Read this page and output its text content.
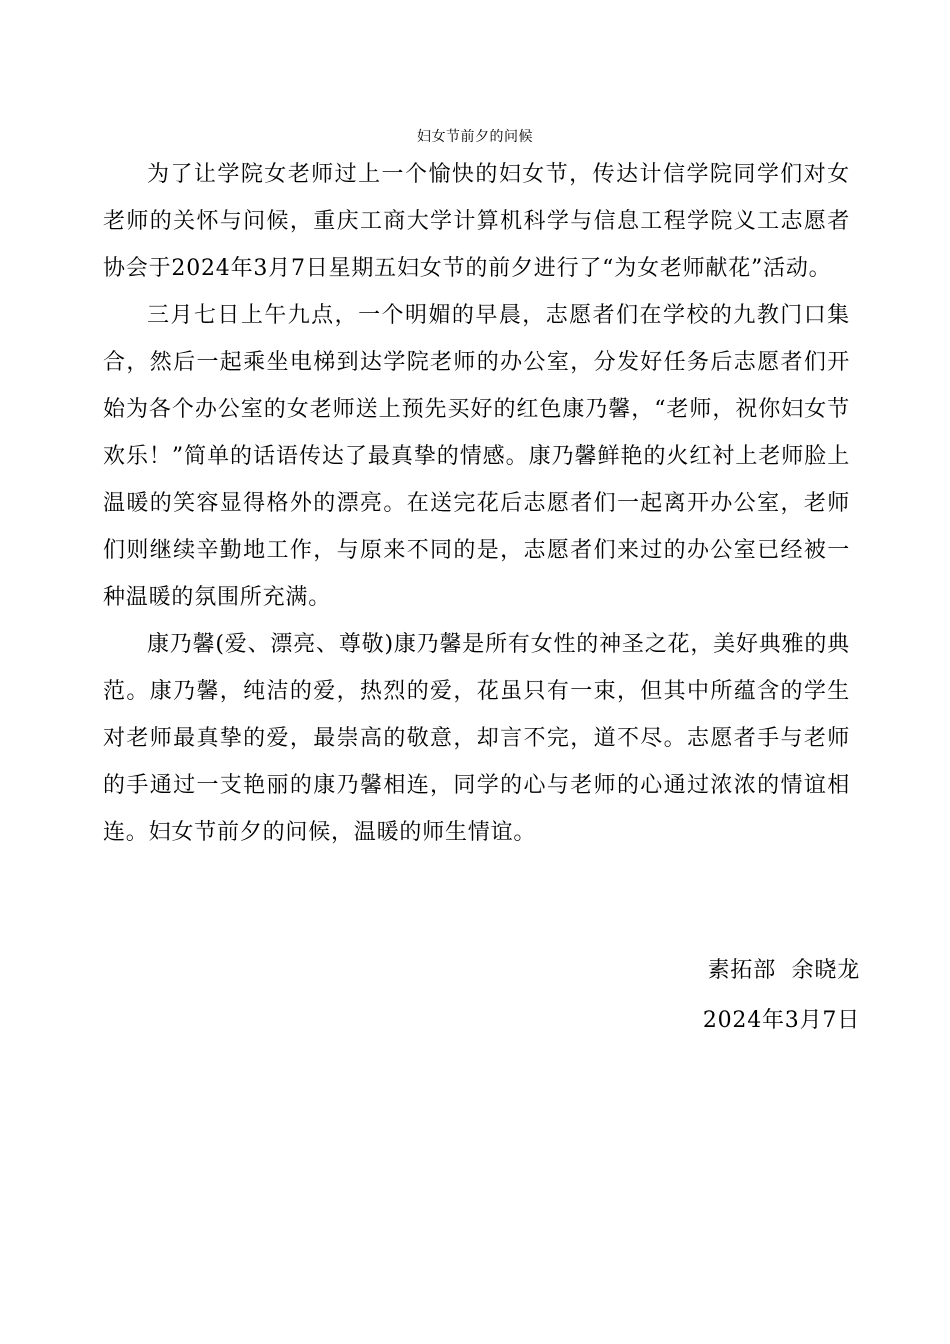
妇女节前夕的问候

为了让学院女老师过上一个愉快的妇女节，传达计信学院同学们对女老师的关怀与问候，重庆工商大学计算机科学与信息工程学院义工志愿者协会于2024年3月7日星期五妇女节的前夕进行了“为女老师献花”活动。

三月七日上午九点，一个明媚的早晨，志愿者们在学校的九教门口集合，然后一起乘坐电梯到达学院老师的办公室，分发好任务后志愿者们开始为各个办公室的女老师送上预先买好的红色康乃馨，“老师，祝你妇女节欢乐！”简单的话语传达了最真挚的情感。康乃馨鲜艳的火红衬上老师脸上温暖的笑容显得格外的漂亮。在送完花后志愿者们一起离开办公室，老师们则继续辛勤地工作，与原来不同的是，志愿者们来过的办公室已经被一种温暖的氛围所充满。

康乃馨(爱、漂亮、尊敬)康乃馨是所有女性的神圣之花，美好典雅的典范。康乃馨，纯洁的爱，热烈的爱，花虽只有一束，但其中所蕴含的学生对老师最真挚的爱，最崇高的敬意，却言不完，道不尽。志愿者手与老师的手通过一支艳丽的康乃馨相连，同学的心与老师的心通过浓浓的情谊相连。妇女节前夕的问候，温暖的师生情谊。

素拓部  余晓龙
2024年3月7日
